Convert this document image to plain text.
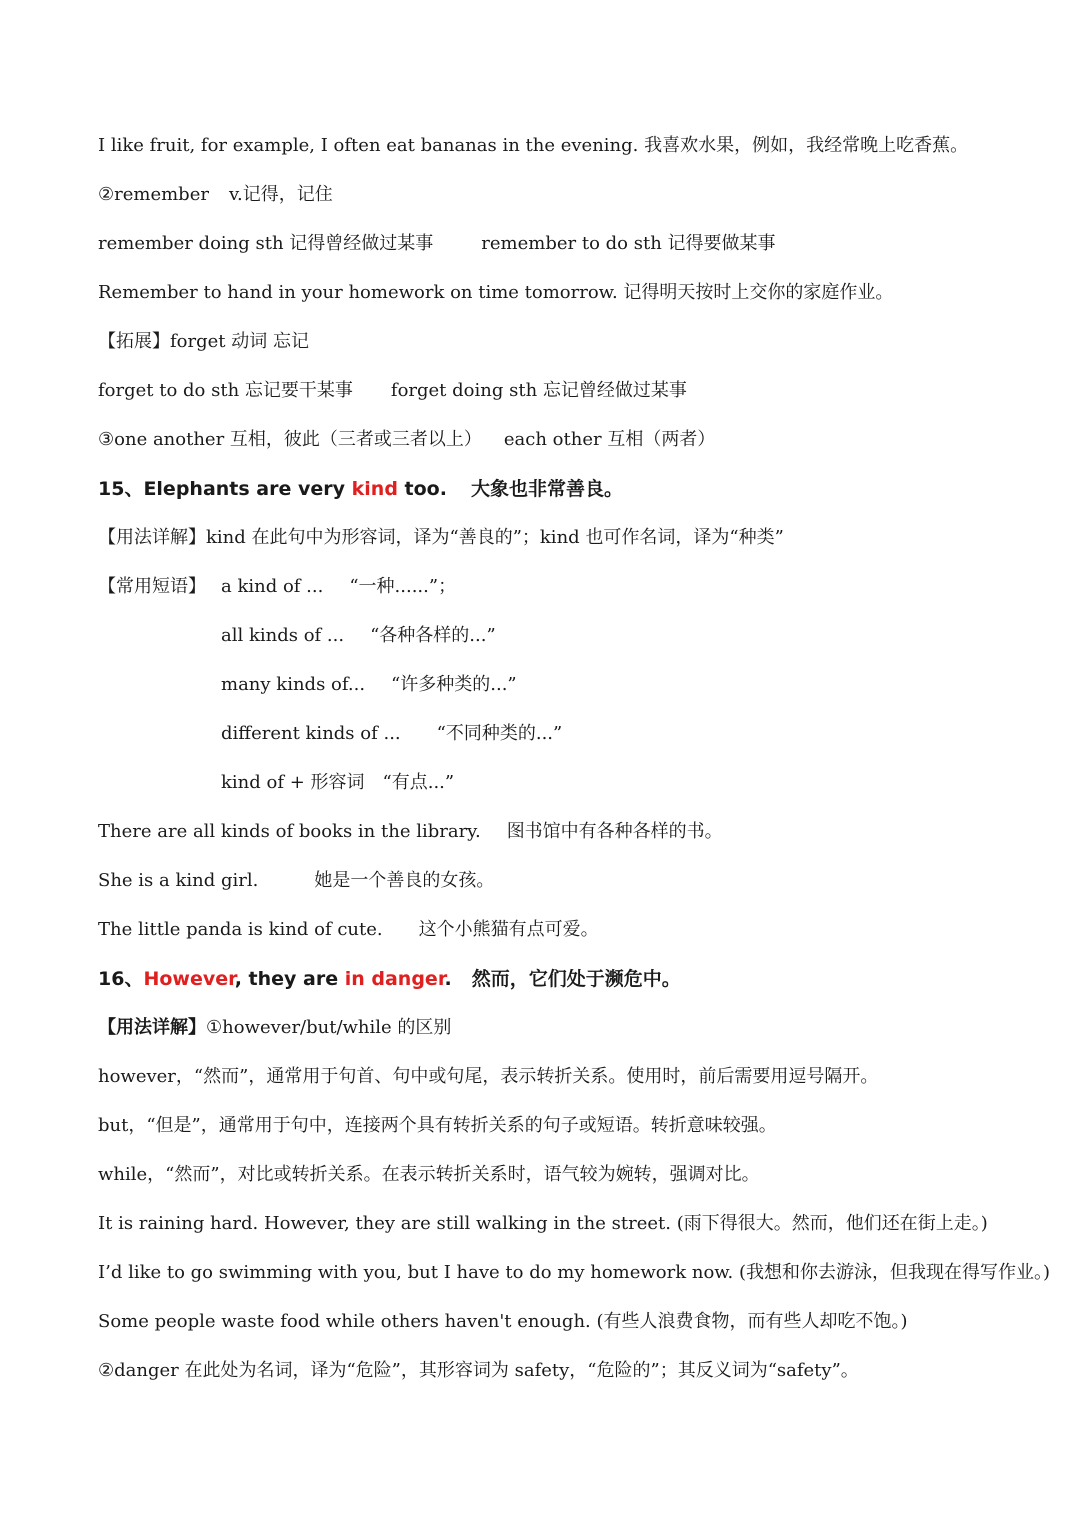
I like fruit, for example, I often eat bananas in the evening. 我喜欢水果，例如，我经常晚上吃香蕉。
②remember v.记得，记住
remember doing sth 记得曾经做过某事	remember to do sth 记得要做某事
Remember to hand in your homework on time tomorrow. 记得明天按时上交你的家庭作业。
【拓展】forget 动词 忘记
forget to do sth 忘记要干某事 forget doing sth 忘记曾经做过某事
③one another 互相，彼此（三者或三者以上） each other 互相（两者）
15、Elephants are very kind too. 大象也非常善良。
【用法详解】kind 在此句中为形容词，译为“善良的”；kind 也可作名词，译为“种类”
【常用短语】 a kind of ... “一种......”；
all kinds of ... “各种各样的...”
many kinds of... “许多种类的...”
different kinds of ... “不同种类的...”
kind of + 形容词 “有点...”
There are all kinds of books in the library. 图书馆中有各种各样的书。
She is a kind girl.	她是一个善良的女孩。
The little panda is kind of cute. 这个小熊猫有点可爱。
16、However, they are in danger. 然而，它们处于濒危中。
【用法详解】①however/but/while 的区别
however，“然而”，通常用于句首、句中或句尾，表示转折关系。使用时，前后需要用逗号隔开。
but，“但是”，通常用于句中，连接两个具有转折关系的句子或短语。转折意味较强。
while，“然而”，对比或转折关系。在表示转折关系时，语气较为婉转，强调对比。
It is raining hard. However, they are still walking in the street. (雨下得很大。然而，他们还在街上走。)
I’d like to go swimming with you, but I have to do my homework now. (我想和你去游泳，但我现在得写作业。)
Some people waste food while others haven't enough. (有些人浪费食物，而有些人却吃不饱。)
②danger 在此处为名词，译为“危险”，其形容词为 safety，“危险的”；其反义词为“safety”。
